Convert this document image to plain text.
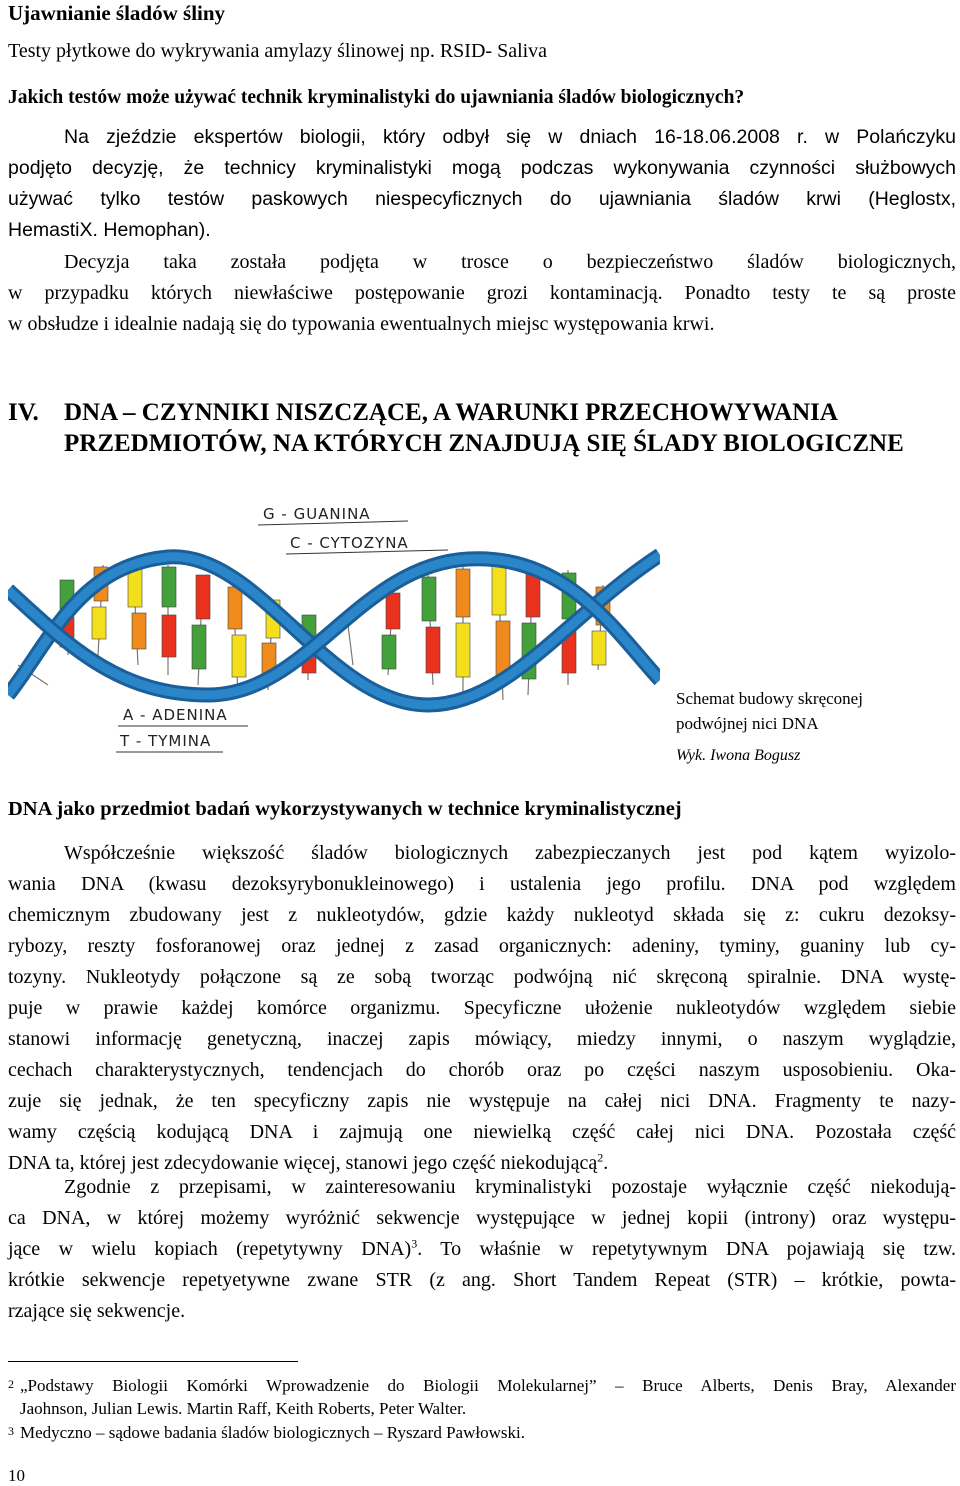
Ujawnianie śladów śliny
Testy płytkowe do wykrywania amylazy ślinowej np. RSID- Saliva
Jakich testów może używać technik kryminalistyki do ujawniania śladów biologicznych?
Na zjeździe ekspertów biologii, który odbył się w dniach 16-18.06.2008 r. w Polańczyku
podjęto decyzję, że technicy kryminalistyki mogą podczas wykonywania czynności służbowych
używać tylko testów paskowych niespecyficznych do ujawniania śladów krwi (Heglostx,
HemastiX. Hemophan).
Decyzja taka została podjęta w trosce o bezpieczeństwo śladów biologicznych,
w przypadku których niewłaściwe postępowanie grozi kontaminacją. Ponadto testy te są proste
w obsłudze i idealnie nadają się do typowania ewentualnych miejsc występowania krwi.
IV. DNA – CZYNNIKI NISZCZĄCE, A WARUNKI PRZECHOWYWANIA
PRZEDMIOTÓW, NA KTÓRYCH ZNAJDUJĄ SIĘ ŚLADY BIOLOGICZNE
G - GUANINA
C - CYTOZYNA
A - ADENINA
T - TYMINA
Schemat budowy skręconej
podwójnej nici DNA
Wyk. Iwona Bogusz
DNA jako przedmiot badań wykorzystywanych w technice kryminalistycznej
Współcześnie większość śladów biologicznych zabezpieczanych jest pod kątem wyizolo-
wania DNA (kwasu dezoksyrybonukleinowego) i ustalenia jego profilu. DNA pod względem
chemicznym zbudowany jest z nukleotydów, gdzie każdy nukleotyd składa się z: cukru dezoksy-
rybozy, reszty fosforanowej oraz jednej z zasad organicznych: adeniny, tyminy, guaniny lub cy-
tozyny. Nukleotydy połączone są ze sobą tworząc podwójną nić skręconą spiralnie. DNA wystę-
puje w prawie każdej komórce organizmu. Specyficzne ułożenie nukleotydów względem siebie
stanowi informację genetyczną, inaczej zapis mówiący, miedzy innymi, o naszym wyglądzie,
cechach charakterystycznych, tendencjach do chorób oraz po części naszym usposobieniu. Oka-
zuje się jednak, że ten specyficzny zapis nie występuje na całej nici DNA. Fragmenty te nazy-
wamy częścią kodującą DNA i zajmują one niewielką część całej nici DNA. Pozostała część
DNA ta, której jest zdecydowanie więcej, stanowi jego część niekodującą$^2$.
Zgodnie z przepisami, w zainteresowaniu kryminalistyki pozostaje wyłącznie część niekodują-
ca DNA, w której możemy wyróżnić sekwencje występujące w jednej kopii (introny) oraz występu-
jące w wielu kopiach (repetytywny DNA)$^3$. To właśnie w repetytywnym DNA pojawiają się tzw.
krótkie sekwencje repetyetywne zwane STR (z ang. Short Tandem Repeat (STR) – krótkie, powta-
rzające się sekwencje.
2 „Podstawy Biologii Komórki Wprowadzenie do Biologii Molekularnej” – Bruce Alberts, Denis Bray, Alexander
Jaohnson, Julian Lewis. Martin Raff, Keith Roberts, Peter Walter.
3 Medyczno – sądowe badania śladów biologicznych – Ryszard Pawłowski.
10
